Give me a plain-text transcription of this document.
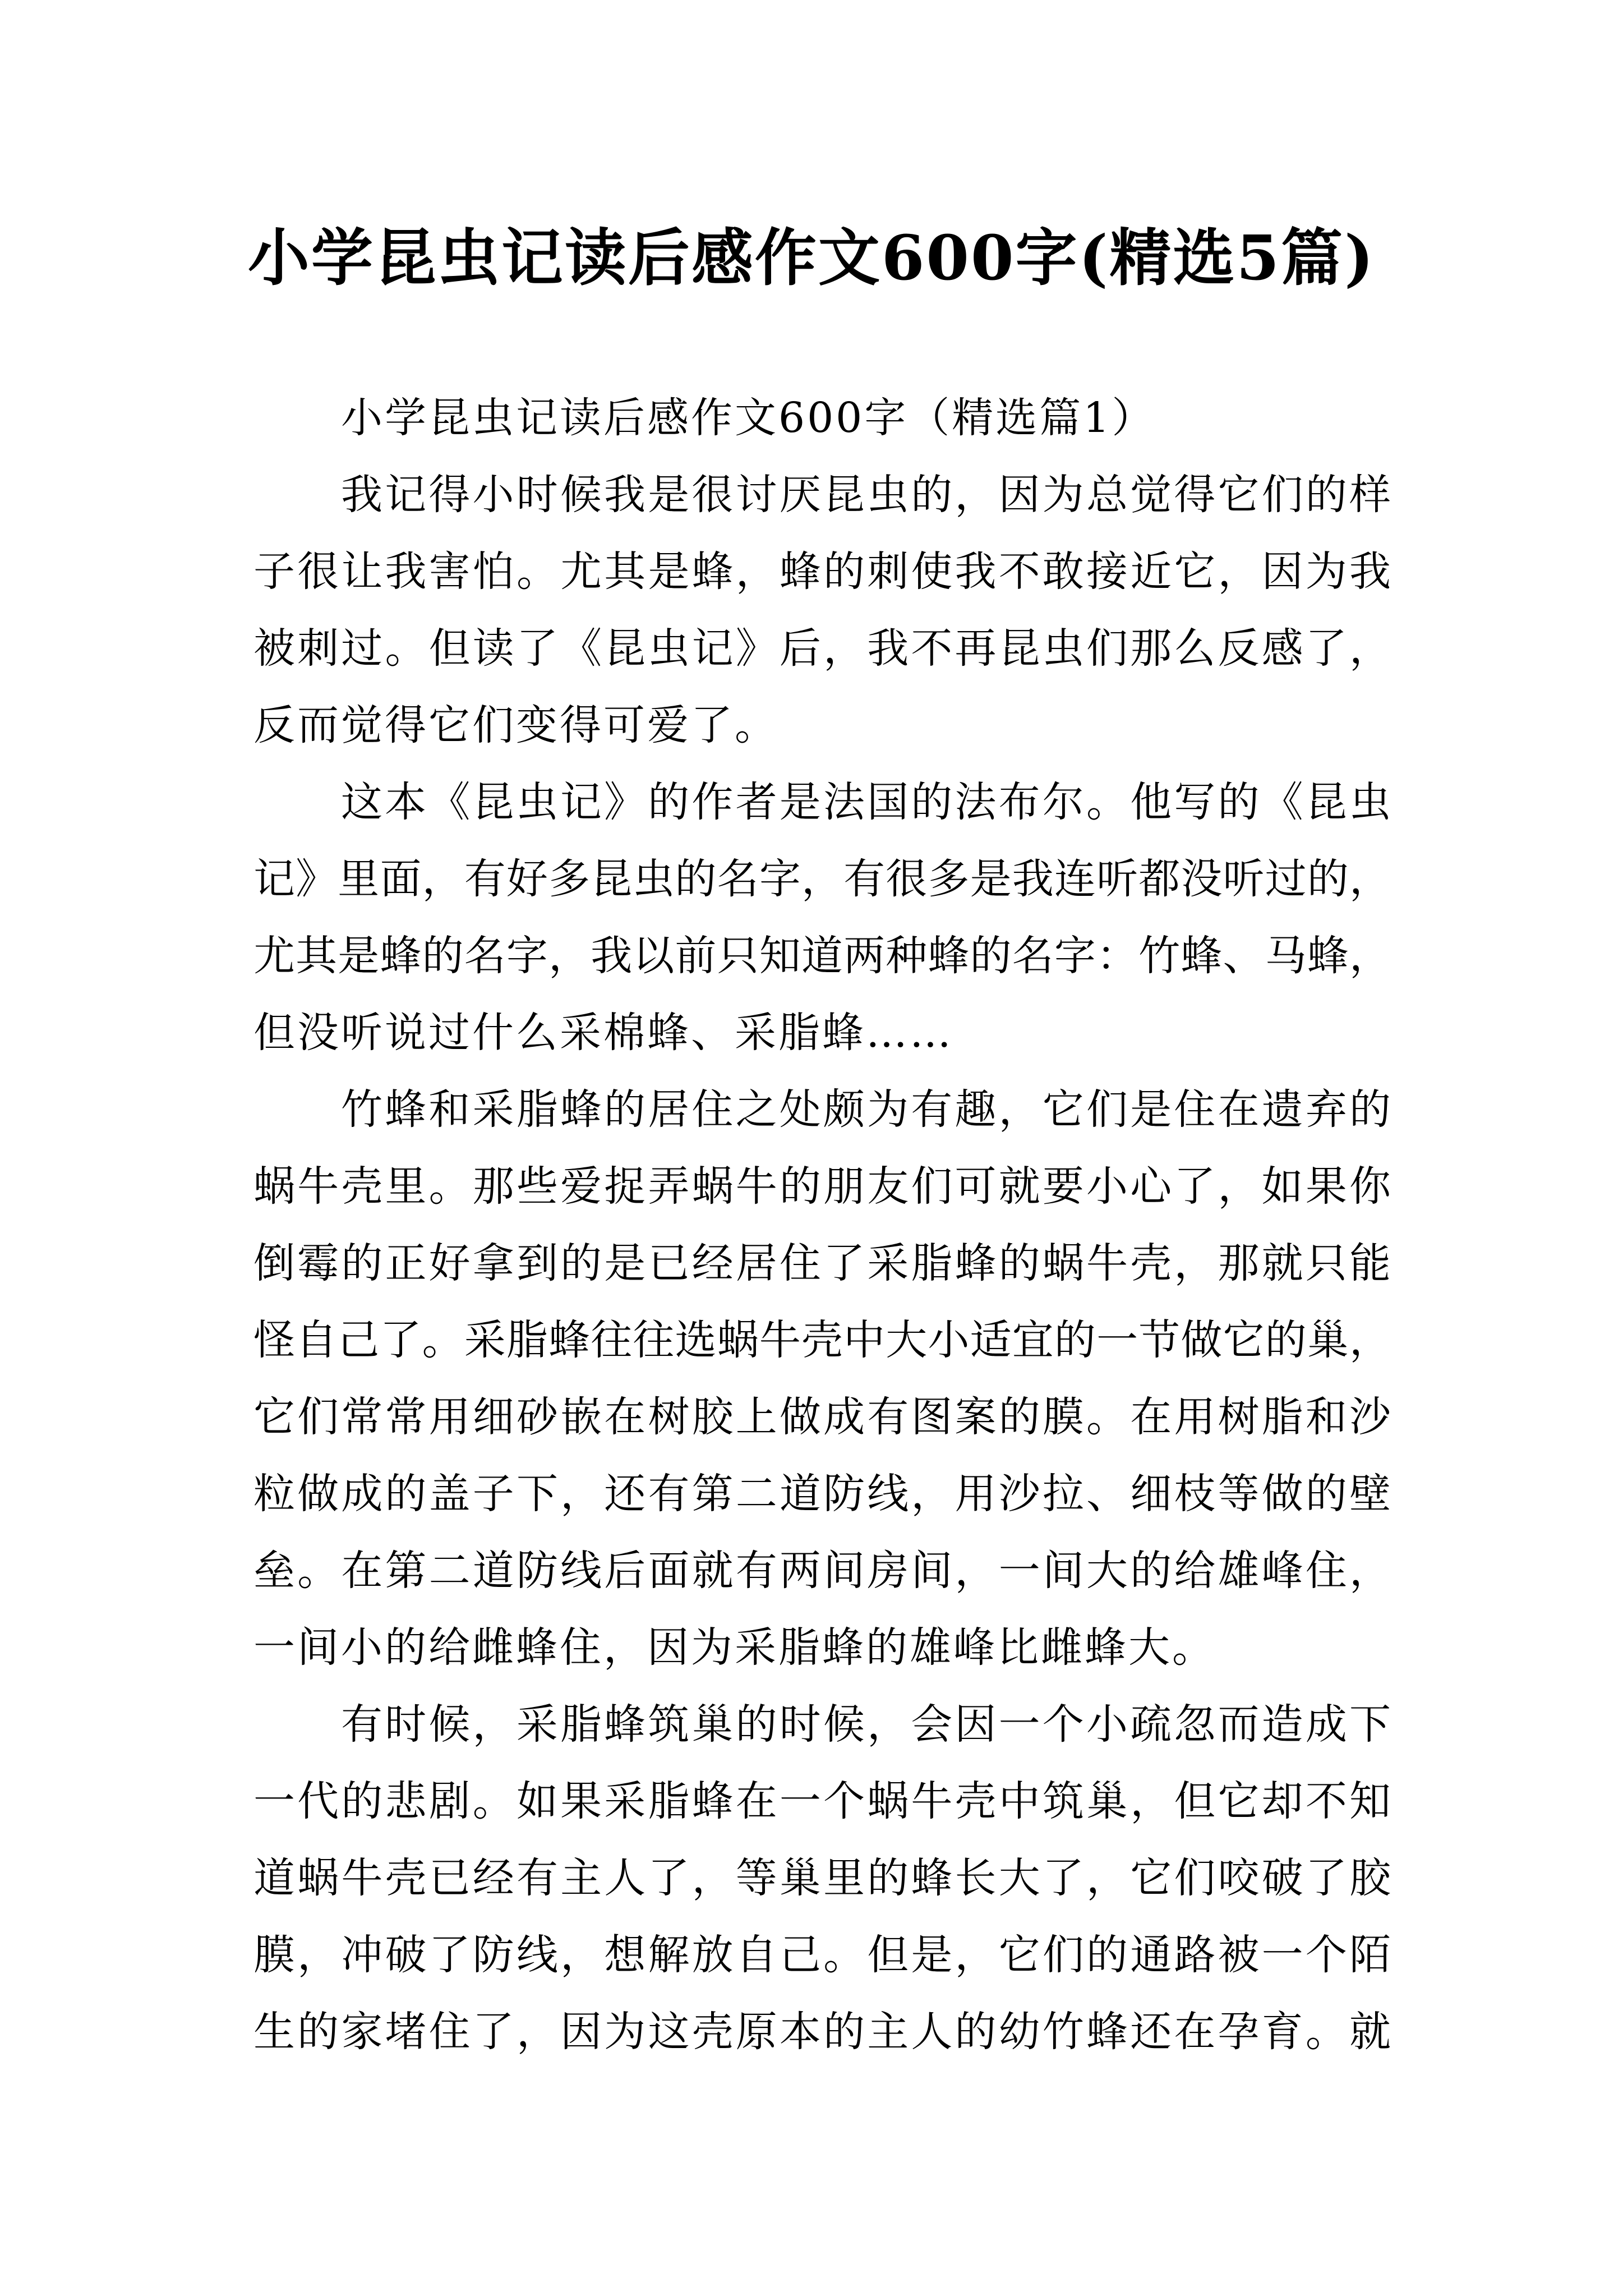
小学昆虫记读后感作文600字(精选5篇)
小学昆虫记读后感作文600字（精选篇1）
我记得小时候我是很讨厌昆虫的，因为总觉得它们的样
子很让我害怕。尤其是蜂，蜂的刺使我不敢接近它，因为我
被刺过。但读了《昆虫记》后，我不再昆虫们那么反感了，
反而觉得它们变得可爱了。
这本《昆虫记》的作者是法国的法布尔。他写的《昆虫
记》里面，有好多昆虫的名字，有很多是我连听都没听过的，
尤其是蜂的名字，我以前只知道两种蜂的名字：竹蜂、马蜂，
但没听说过什么采棉蜂、采脂蜂……
竹蜂和采脂蜂的居住之处颇为有趣，它们是住在遗弃的
蜗牛壳里。那些爱捉弄蜗牛的朋友们可就要小心了，如果你
倒霉的正好拿到的是已经居住了采脂蜂的蜗牛壳，那就只能
怪自己了。采脂蜂往往选蜗牛壳中大小适宜的一节做它的巢，
它们常常用细砂嵌在树胶上做成有图案的膜。在用树脂和沙
粒做成的盖子下，还有第二道防线，用沙拉、细枝等做的壁
垒。在第二道防线后面就有两间房间，一间大的给雄峰住，
一间小的给雌蜂住，因为采脂蜂的雄峰比雌蜂大。
有时候，采脂蜂筑巢的时候，会因一个小疏忽而造成下
一代的悲剧。如果采脂蜂在一个蜗牛壳中筑巢，但它却不知
道蜗牛壳已经有主人了，等巢里的蜂长大了，它们咬破了胶
膜，冲破了防线，想解放自己。但是，它们的通路被一个陌
生的家堵住了，因为这壳原本的主人的幼竹蜂还在孕育。就
